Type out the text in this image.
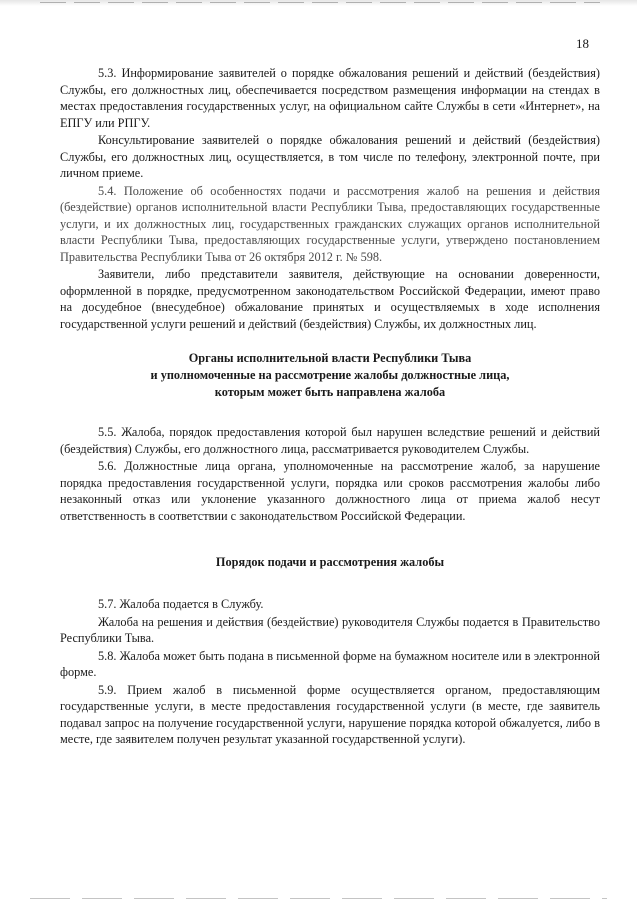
18

5.3. Информирование заявителей о порядке обжалования решений и действий (бездействия) Службы, его должностных лиц, обеспечивается посредством размещения информации на стендах в местах предоставления государственных услуг, на официальном сайте Службы в сети «Интернет», на ЕПГУ или РПГУ.

Консультирование заявителей о порядке обжалования решений и действий (бездействия) Службы, его должностных лиц, осуществляется, в том числе по телефону, электронной почте, при личном приеме.

5.4. Положение об особенностях подачи и рассмотрения жалоб на решения и действия (бездействие) органов исполнительной власти Республики Тыва, предоставляющих государственные услуги, и их должностных лиц, государственных гражданских служащих органов исполнительной власти Республики Тыва, предоставляющих государственные услуги, утверждено постановлением Правительства Республики Тыва от 26 октября 2012 г. № 598.

Заявители, либо представители заявителя, действующие на основании доверенности, оформленной в порядке, предусмотренном законодательством Российской Федерации, имеют право на досудебное (внесудебное) обжалование принятых и осуществляемых в ходе исполнения государственной услуги решений и действий (бездействия) Службы, их должностных лиц.

Органы исполнительной власти Республики Тыва
и уполномоченные на рассмотрение жалобы должностные лица,
которым может быть направлена жалоба

5.5. Жалоба, порядок предоставления которой был нарушен вследствие решений и действий (бездействия) Службы, его должностного лица, рассматривается руководителем Службы.

5.6. Должностные лица органа, уполномоченные на рассмотрение жалоб, за нарушение порядка предоставления государственной услуги, порядка или сроков рассмотрения жалобы либо незаконный отказ или уклонение указанного должностного лица от приема жалоб несут ответственность в соответствии с законодательством Российской Федерации.

Порядок подачи и рассмотрения жалобы

5.7. Жалоба подается в Службу.

Жалоба на решения и действия (бездействие) руководителя Службы подается в Правительство Республики Тыва.

5.8. Жалоба может быть подана в письменной форме на бумажном носителе или в электронной форме.

5.9. Прием жалоб в письменной форме осуществляется органом, предоставляющим государственные услуги, в месте предоставления государственной услуги (в месте, где заявитель подавал запрос на получение государственной услуги, нарушение порядка которой обжалуется, либо в месте, где заявителем получен результат указанной государственной услуги).
